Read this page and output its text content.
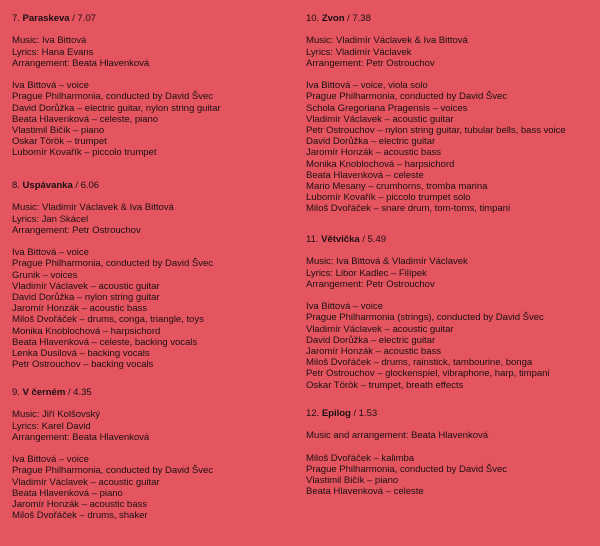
7. Paraskeva / 7.07
Music: Iva Bittová
Lyrics: Hana Evans
Arrangement: Beata Hlavenková
Iva Bittová – voice
Prague Philharmonia, conducted by David Švec
David Dorůžka – electric guitar, nylon string guitar
Beata Hlavenková – celeste, piano
Vlastimil Bičík – piano
Oskar Török – trumpet
Lubomír Kovařík – piccolo trumpet
8. Uspávanka / 6.06
Music: Vladimír Václavek & Iva Bittová
Lyrics: Jan Skácel
Arrangement: Petr Ostrouchov
Iva Bittová – voice
Prague Philharmonia, conducted by David Švec
Grunik – voices
Vladimír Václavek – acoustic guitar
David Dorůžka – nylon string guitar
Jaromír Honzák – acoustic bass
Miloš Dvořáček – drums, conga, triangle, toys
Monika Knoblochová – harpsichord
Beata Hlavenková – celeste, backing vocals
Lenka Dusilová – backing vocals
Petr Ostrouchov – backing vocals
9. V černém / 4.35
Music: Jiří Kolšovský
Lyrics: Karel David
Arrangement: Beata Hlavenková
Iva Bittová – voice
Prague Philharmonia, conducted by David Švec
Vladimír Václavek – acoustic guitar
Beata Hlavenková – piano
Jaromír Honzák – acoustic bass
Miloš Dvořáček – drums, shaker
10. Zvon / 7.38
Music: Vladimír Václavek & Iva Bittová
Lyrics: Vladimír Václavek
Arrangement: Petr Ostrouchov
Iva Bittová – voice, viola solo
Prague Philharmonia, conducted by David Švec
Schola Gregoriana Pragensis – voices
Vladimír Václavek – acoustic guitar
Petr Ostrouchov – nylon string guitar, tubular bells, bass voice
David Dorůžka – electric guitar
Jaromír Honzák – acoustic bass
Monika Knoblochová – harpsichord
Beata Hlavenková – celeste
Mario Mesany – crumhorns, tromba marina
Lubomír Kovařík – piccolo trumpet solo
Miloš Dvořáček – snare drum, tom-toms, timpani
11. Větvička / 5.49
Music: Iva Bittová & Vladimír Václavek
Lyrics: Libor Kadlec – Filípek
Arrangement: Petr Ostrouchov
Iva Bittová – voice
Prague Philharmonia (strings), conducted by David Švec
Vladimír Václavek – acoustic guitar
David Dorůžka – electric guitar
Jaromír Honzák – acoustic bass
Miloš Dvořáček – drums, rainstick, tambourine, bonga
Petr Ostrouchov – glockenspiel, vibraphone, harp, timpani
Oskar Török – trumpet, breath effects
12. Epilog / 1.53
Music and arrangement: Beata Hlavenková
Miloš Dvořáček – kalimba
Prague Philharmonia, conducted by David Švec
Vlastimil Bičík – piano
Beata Hlavenková – celeste
